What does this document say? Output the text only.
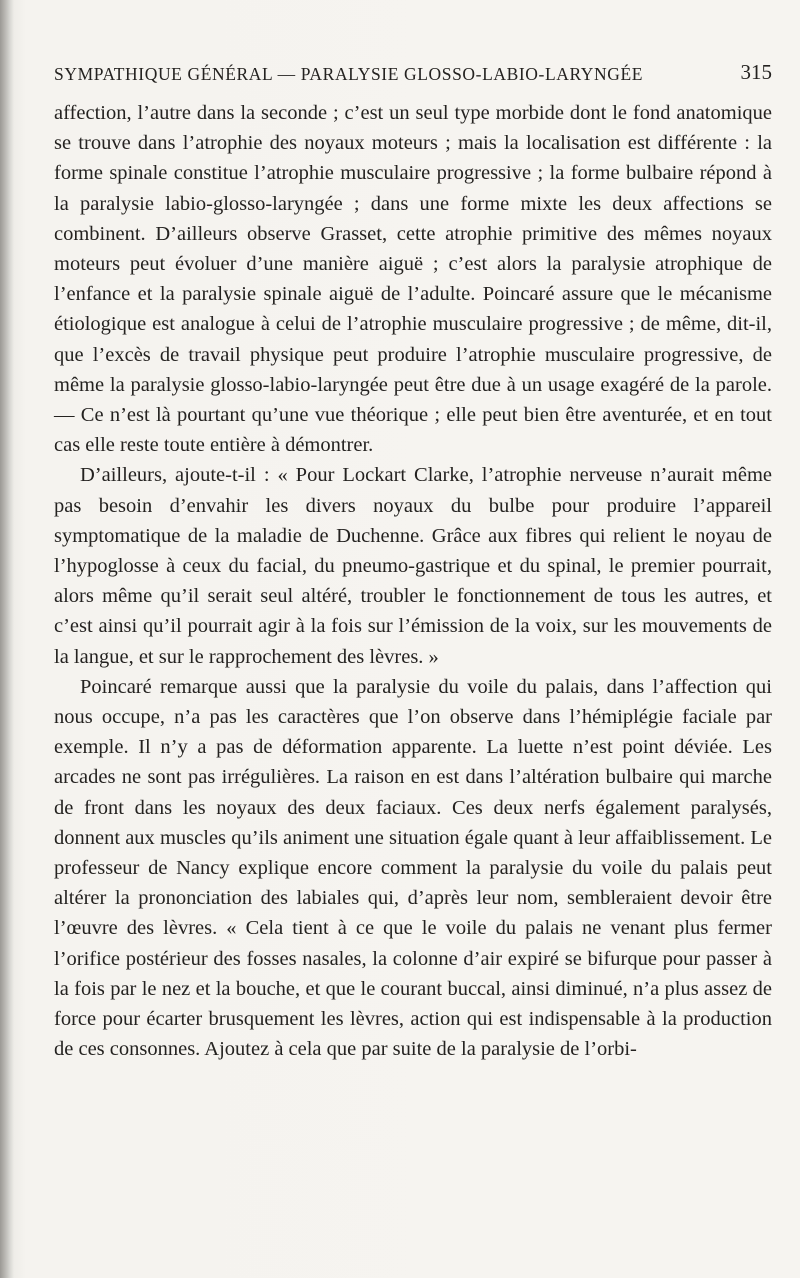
SYMPATHIQUE GÉNÉRAL — PARALYSIE GLOSSO-LABIO-LARYNGÉE	315

affection, l’autre dans la seconde ; c’est un seul type morbide dont le fond anatomique se trouve dans l’atrophie des noyaux moteurs ; mais la localisation est différente : la forme spinale constitue l’atrophie musculaire progressive ; la forme bulbaire répond à la paralysie labio-glosso-laryngée ; dans une forme mixte les deux affections se combinent. D’ailleurs observe Grasset, cette atrophie primitive des mêmes noyaux moteurs peut évoluer d’une manière aiguë ; c’est alors la paralysie atrophique de l’enfance et la paralysie spinale aiguë de l’adulte. Poincaré assure que le mécanisme étiologique est analogue à celui de l’atrophie musculaire progressive ; de même, dit-il, que l’excès de travail physique peut produire l’atrophie musculaire progressive, de même la paralysie glosso-labio-laryngée peut être due à un usage exagéré de la parole. — Ce n’est là pourtant qu’une vue théorique ; elle peut bien être aventurée, et en tout cas elle reste toute entière à démontrer.

D’ailleurs, ajoute-t-il : « Pour Lockart Clarke, l’atrophie nerveuse n’aurait même pas besoin d’envahir les divers noyaux du bulbe pour produire l’appareil symptomatique de la maladie de Duchenne. Grâce aux fibres qui relient le noyau de l’hypoglosse à ceux du facial, du pneumo-gastrique et du spinal, le premier pourrait, alors même qu’il serait seul altéré, troubler le fonctionnement de tous les autres, et c’est ainsi qu’il pourrait agir à la fois sur l’émission de la voix, sur les mouvements de la langue, et sur le rapprochement des lèvres. »

Poincaré remarque aussi que la paralysie du voile du palais, dans l’affection qui nous occupe, n’a pas les caractères que l’on observe dans l’hémiplégie faciale par exemple. Il n’y a pas de déformation apparente. La luette n’est point déviée. Les arcades ne sont pas irrégulières. La raison en est dans l’altération bulbaire qui marche de front dans les noyaux des deux faciaux. Ces deux nerfs également paralysés, donnent aux muscles qu’ils animent une situation égale quant à leur affaiblissement. Le professeur de Nancy explique encore comment la paralysie du voile du palais peut altérer la prononciation des labiales qui, d’après leur nom, sembleraient devoir être l’œuvre des lèvres. « Cela tient à ce que le voile du palais ne venant plus fermer l’orifice postérieur des fosses nasales, la colonne d’air expiré se bifurque pour passer à la fois par le nez et la bouche, et que le courant buccal, ainsi diminué, n’a plus assez de force pour écarter brusquement les lèvres, action qui est indispensable à la production de ces consonnes. Ajoutez à cela que par suite de la paralysie de l’orbi-
